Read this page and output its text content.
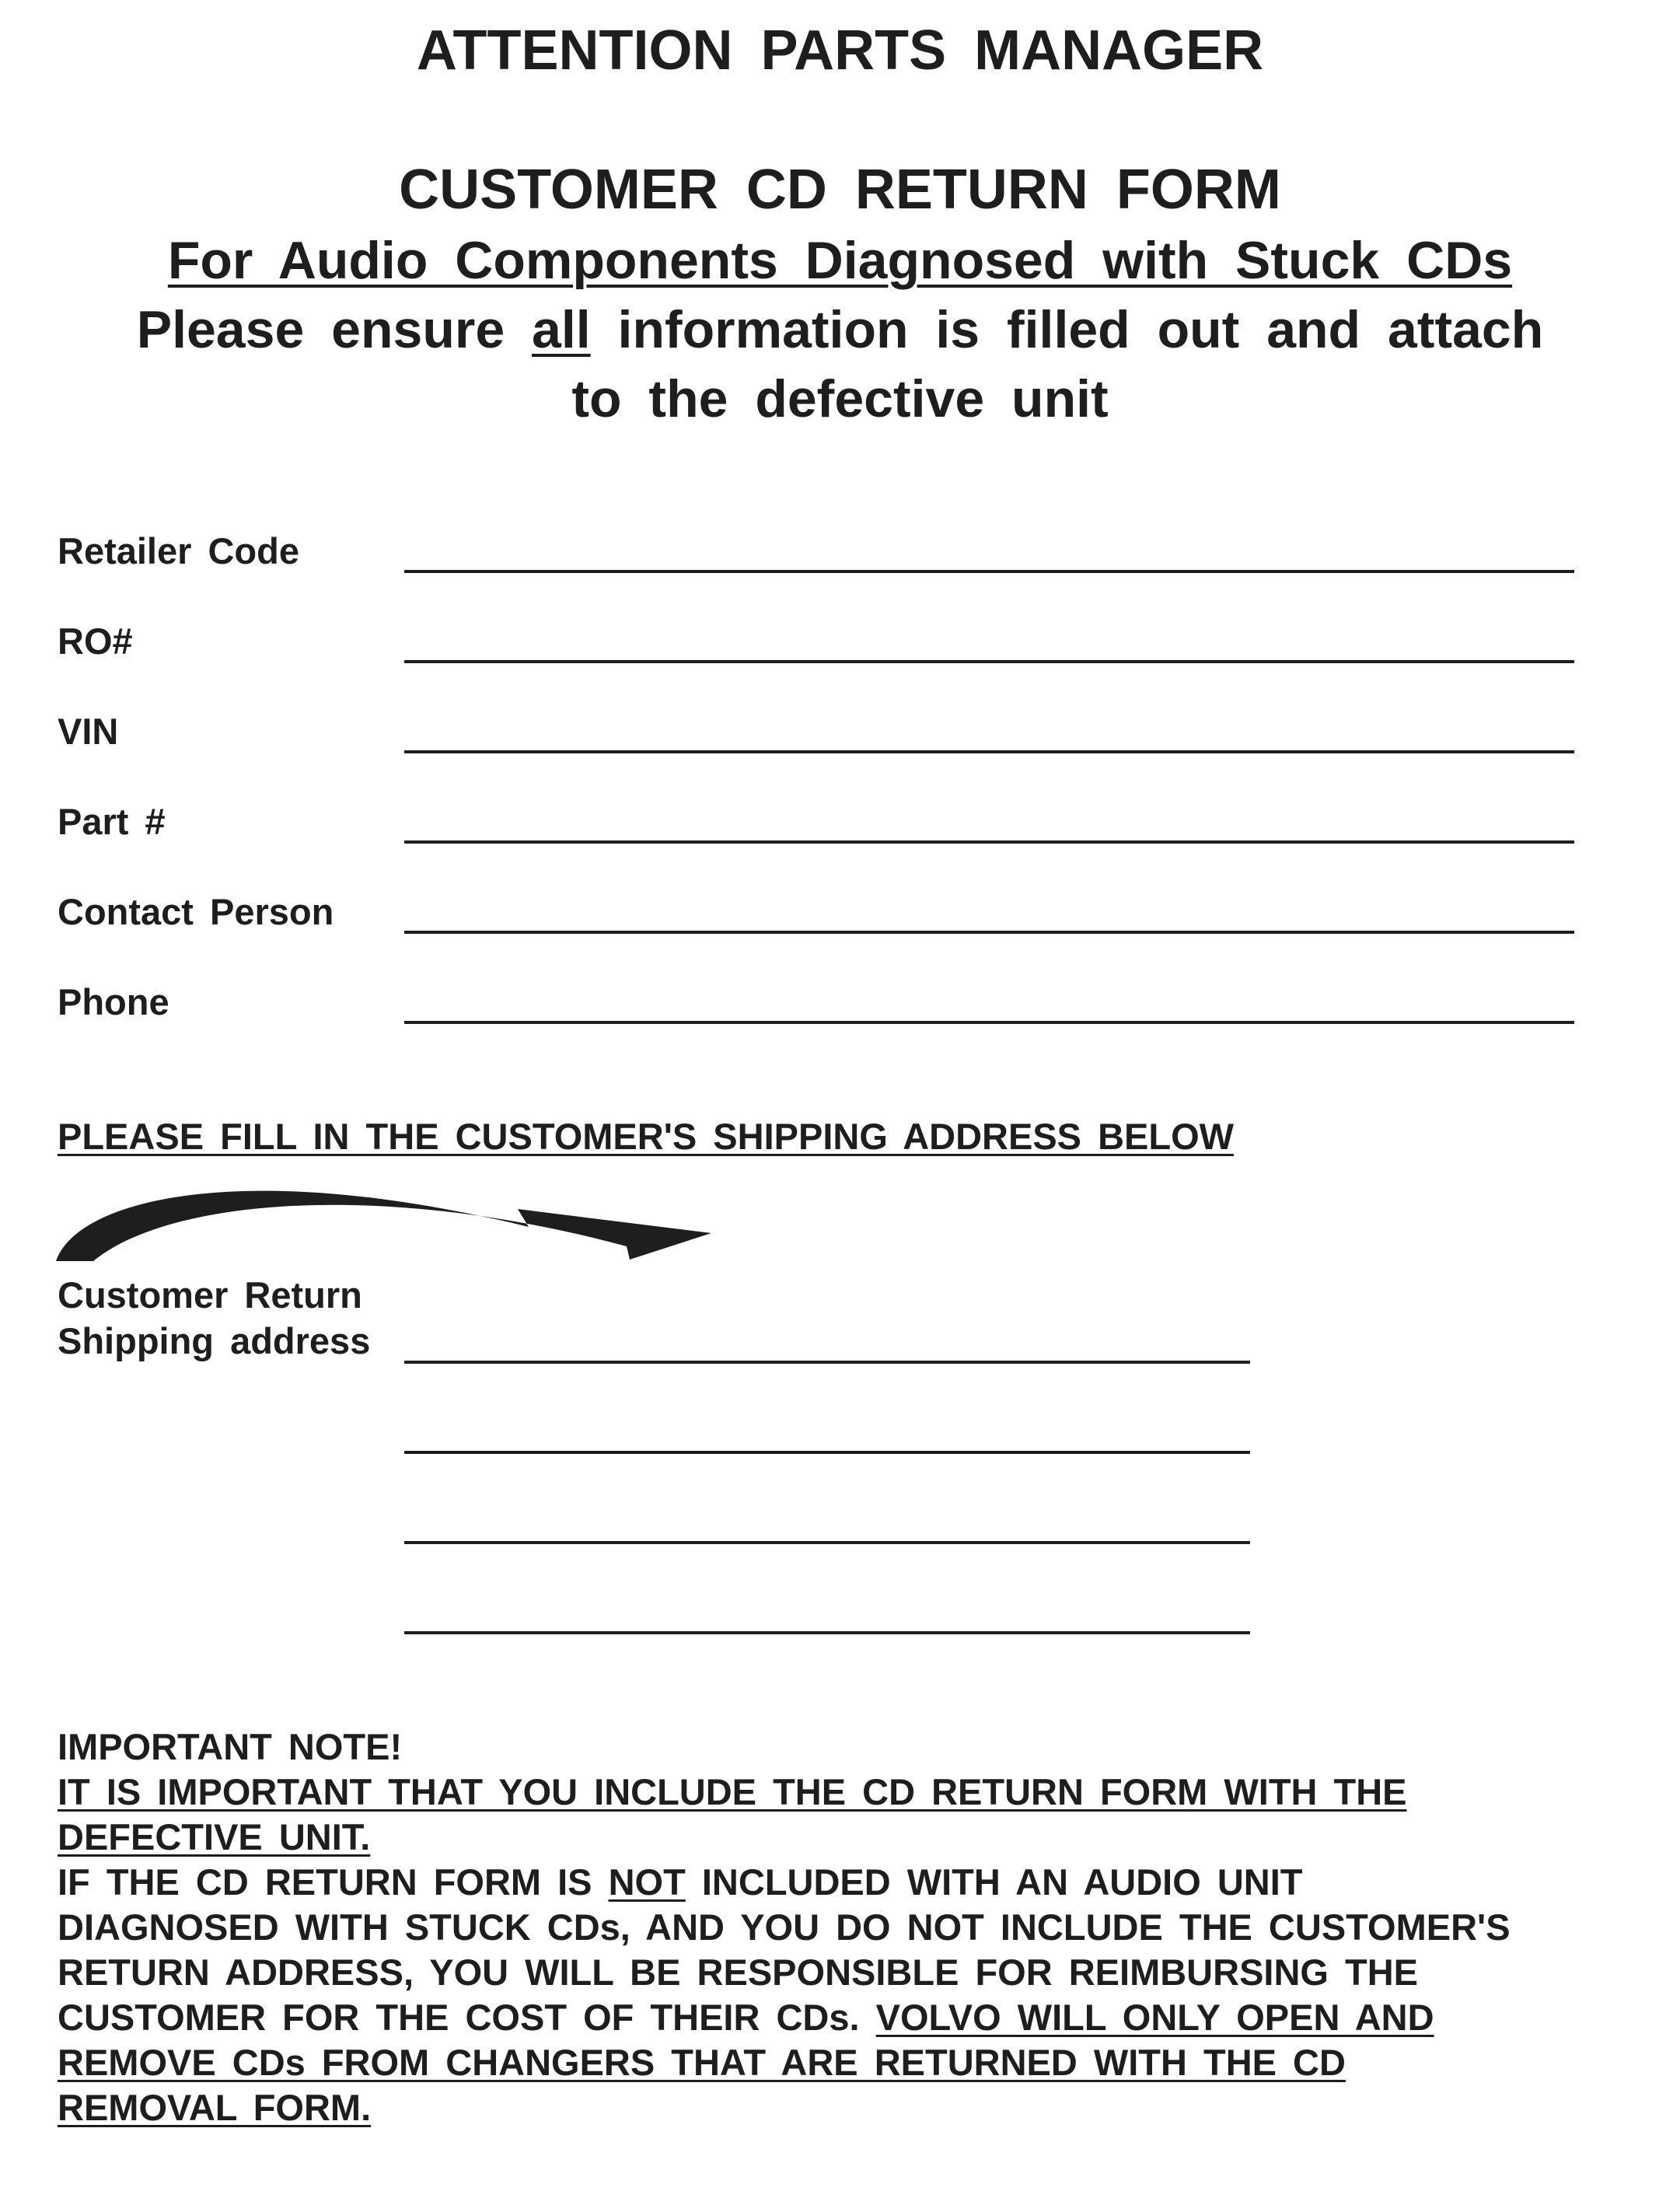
ATTENTION PARTS MANAGER
CUSTOMER CD RETURN FORM
For Audio Components Diagnosed with Stuck CDs
Please ensure all information is filled out and attach
to the defective unit
Retailer Code
RO#
VIN
Part #
Contact Person
Phone
PLEASE FILL IN THE CUSTOMER'S SHIPPING ADDRESS BELOW
Customer Return
Shipping address

IMPORTANT NOTE!

IT IS IMPORTANT THAT YOU INCLUDE THE CD RETURN FORM WITH THE

DEFECTIVE UNIT.

IF THE CD RETURN FORM IS NOT INCLUDED WITH AN AUDIO UNIT

DIAGNOSED WITH STUCK CDs, AND YOU DO NOT INCLUDE THE CUSTOMER'S

RETURN ADDRESS, YOU WILL BE RESPONSIBLE FOR REIMBURSING THE

CUSTOMER FOR THE COST OF THEIR CDs. VOLVO WILL ONLY OPEN AND

REMOVE CDs FROM CHANGERS THAT ARE RETURNED WITH THE CD

REMOVAL FORM.
